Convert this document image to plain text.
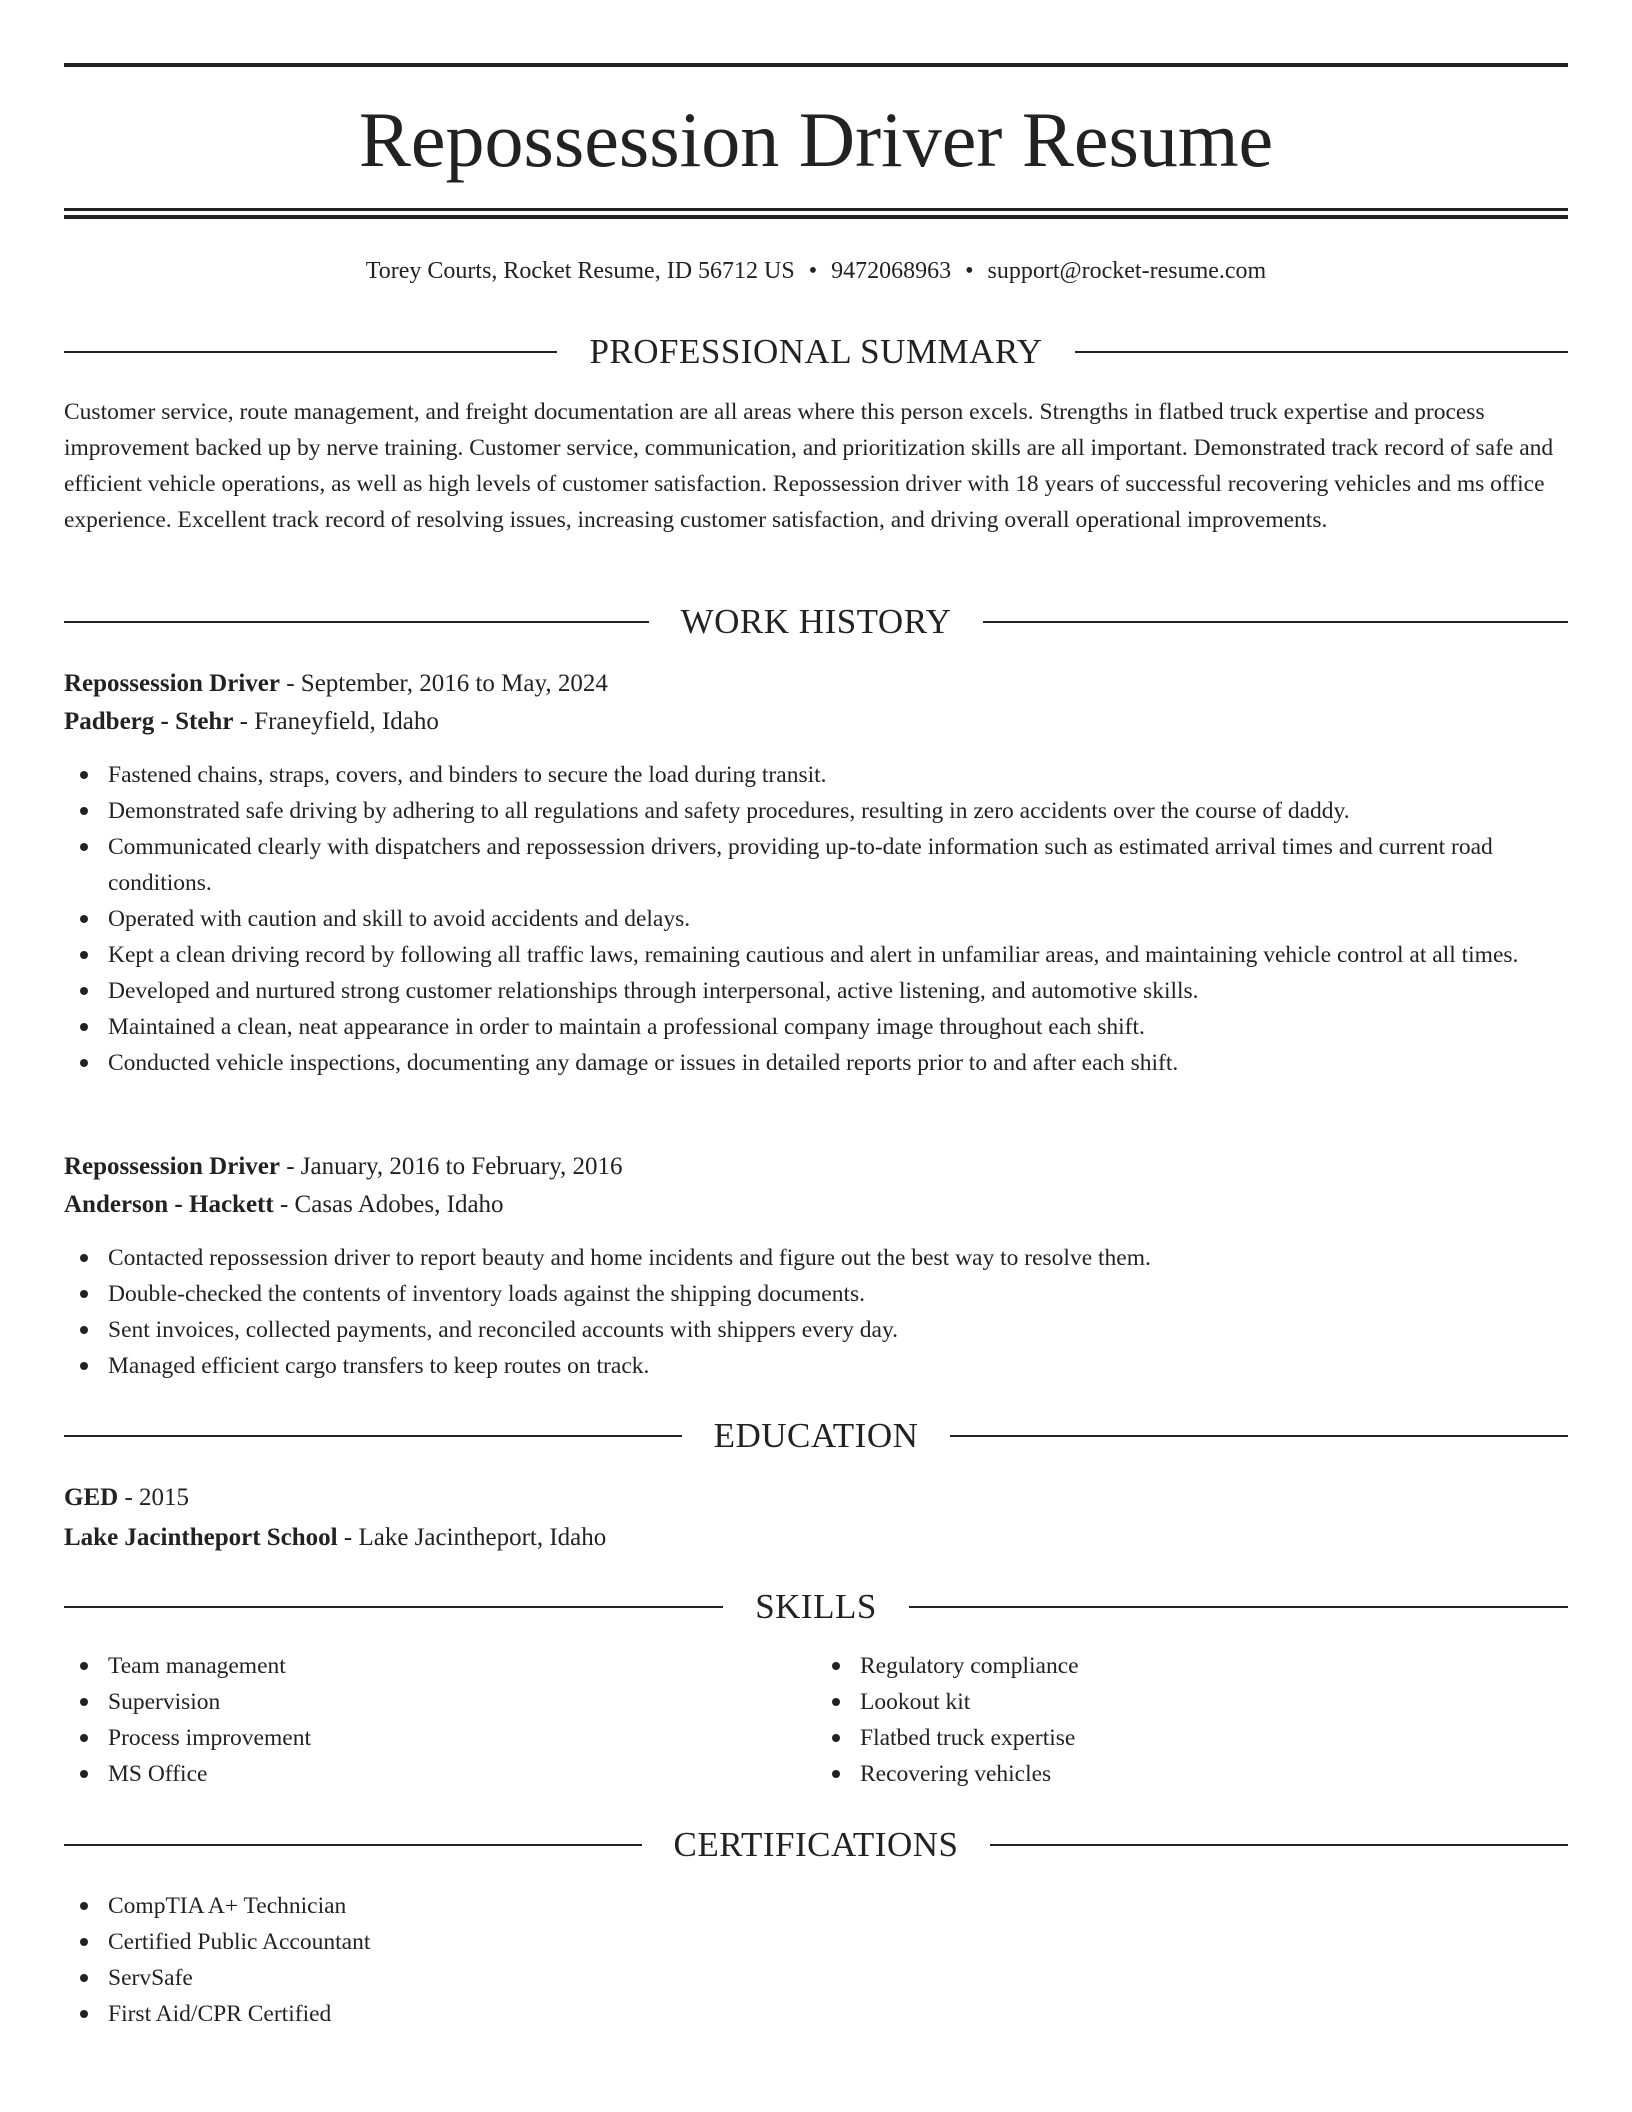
Repossession Driver Resume
Torey Courts, Rocket Resume, ID 56712 US • 9472068963 • support@rocket-resume.com
PROFESSIONAL SUMMARY

Customer service, route management, and freight documentation are all areas where this person excels. Strengths in flatbed truck expertise and process improvement backed up by nerve training. Customer service, communication, and prioritization skills are all important. Demonstrated track record of safe and efficient vehicle operations, as well as high levels of customer satisfaction. Repossession driver with 18 years of successful recovering vehicles and ms office experience. Excellent track record of resolving issues, increasing customer satisfaction, and driving overall operational improvements.

WORK HISTORY

Repossession Driver - September, 2016 to May, 2024

Padberg - Stehr - Franeyfield, Idaho

Fastened chains, straps, covers, and binders to secure the load during transit.
Demonstrated safe driving by adhering to all regulations and safety procedures, resulting in zero accidents over the course of daddy.
Communicated clearly with dispatchers and repossession drivers, providing up-to-date information such as estimated arrival times and current road conditions.
Operated with caution and skill to avoid accidents and delays.
Kept a clean driving record by following all traffic laws, remaining cautious and alert in unfamiliar areas, and maintaining vehicle control at all times.
Developed and nurtured strong customer relationships through interpersonal, active listening, and automotive skills.
Maintained a clean, neat appearance in order to maintain a professional company image throughout each shift.
Conducted vehicle inspections, documenting any damage or issues in detailed reports prior to and after each shift.

Repossession Driver - January, 2016 to February, 2016

Anderson - Hackett - Casas Adobes, Idaho

Contacted repossession driver to report beauty and home incidents and figure out the best way to resolve them.
Double-checked the contents of inventory loads against the shipping documents.
Sent invoices, collected payments, and reconciled accounts with shippers every day.
Managed efficient cargo transfers to keep routes on track.
EDUCATION

GED - 2015

Lake Jacintheport School - Lake Jacintheport, Idaho

SKILLS
Team management
Supervision
Process improvement
MS Office
Regulatory compliance
Lookout kit
Flatbed truck expertise
Recovering vehicles
CERTIFICATIONS
CompTIA A+ Technician
Certified Public Accountant
ServSafe
First Aid/CPR Certified
